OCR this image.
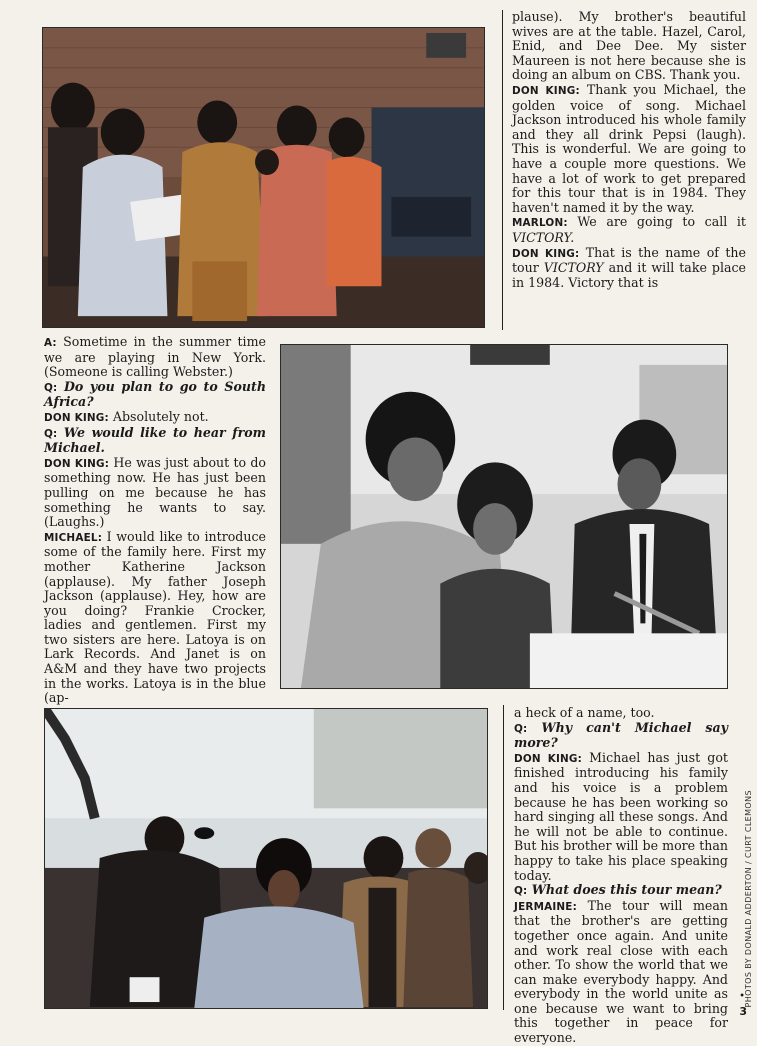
plause). My brother's beautiful wives are at the table. Hazel, Carol, Enid, and Dee Dee. My sister Maureen is not here because she is doing an album on CBS. Thank you.

DON KING: Thank you Michael, the golden voice of song. Michael Jackson introduced his whole family and they all drink Pepsi (laugh). This is wonderful. We are going to have a couple more questions. We have a lot of work to get prepared for this tour that is in 1984. They haven't named it by the way.

MARLON: We are going to call it VICTORY.

DON KING: That is the name of the tour VICTORY and it will take place in 1984. Victory that is

A: Sometime in the summer time we are playing in New York. (Someone is calling Webster.)

Q: Do you plan to go to South Africa?

DON KING: Absolutely not.

Q: We would like to hear from Michael.

DON KING: He was just about to do something now. He has just been pulling on me because he has something he wants to say. (Laughs.)

MICHAEL: I would like to introduce some of the family here. First my mother Katherine Jackson (applause). My father Joseph Jackson (applause). Hey, how are you doing? Frankie Crocker, ladies and gentlemen. First my two sisters are here. Latoya is on Lark Records. And Janet is on A&M and they have two projects in the works. Latoya is in the blue (ap-

a heck of a name, too.

Q: Why can't Michael say more?

DON KING: Michael has just got finished introducing his family and his voice is a problem because he has been working so hard singing all these songs. And he will not be able to continue. But his brother will be more than happy to take his place speaking today.

Q: What does this tour mean?

JERMAINE: The tour will mean that the brother's are getting together once again. And unite and work real close with each other. To show the world that we can make everybody happy. And everybody in the world unite as one because we want to bring this together in peace for everyone.

PHOTOS BY DONALD ADDERTON / CURT CLEMONS
•
3
